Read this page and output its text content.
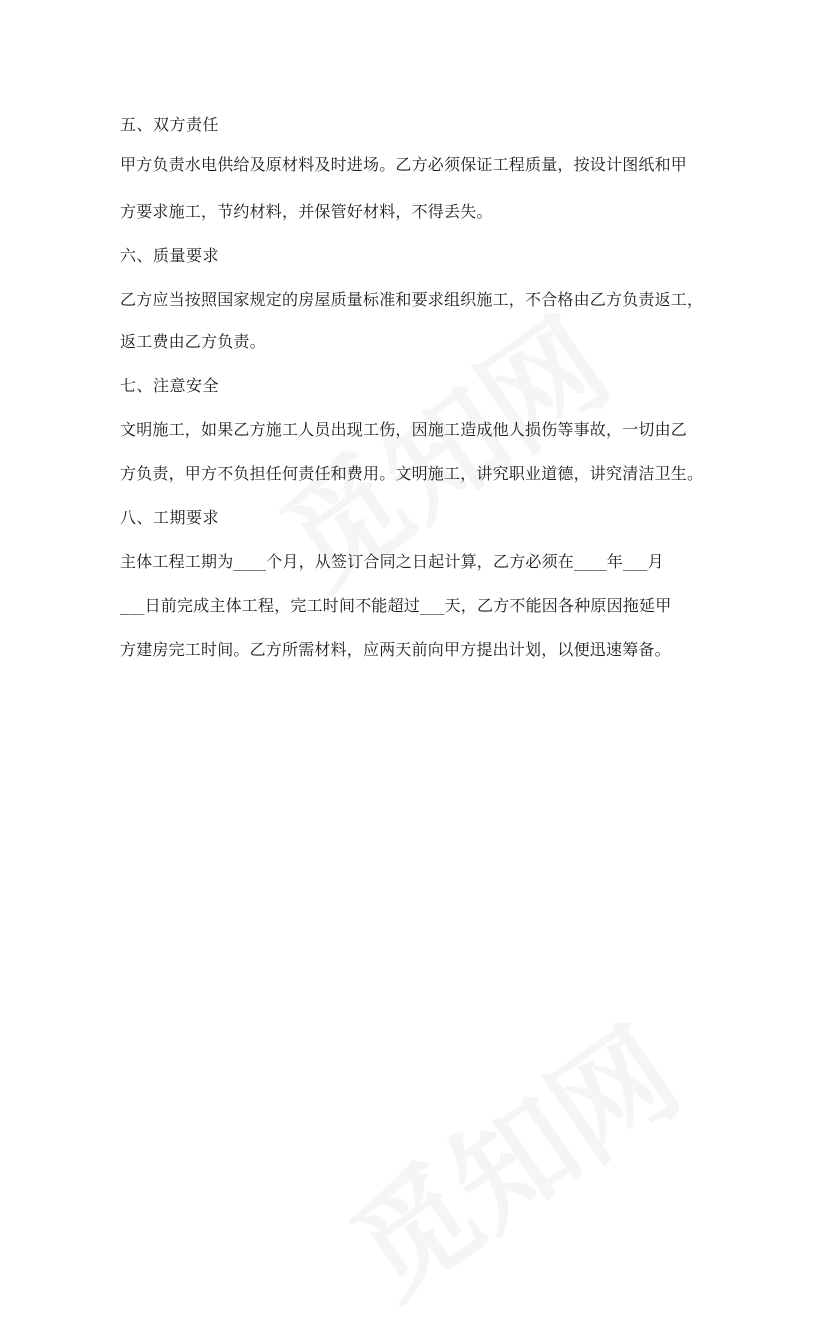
五、双方责任
甲方负责水电供给及原材料及时进场。乙方必须保证工程质量，按设计图纸和甲
方要求施工，节约材料，并保管好材料，不得丢失。
六、质量要求
乙方应当按照国家规定的房屋质量标准和要求组织施工，不合格由乙方负责返工，
返工费由乙方负责。
七、注意安全
文明施工，如果乙方施工人员出现工伤，因施工造成他人损伤等事故，一切由乙
方负责，甲方不负担任何责任和费用。文明施工，讲究职业道德，讲究清洁卫生。
八、工期要求
主体工程工期为____个月，从签订合同之日起计算，乙方必须在____年___月
___日前完成主体工程，完工时间不能超过___天，乙方不能因各种原因拖延甲
方建房完工时间。乙方所需材料，应两天前向甲方提出计划，以便迅速筹备。
